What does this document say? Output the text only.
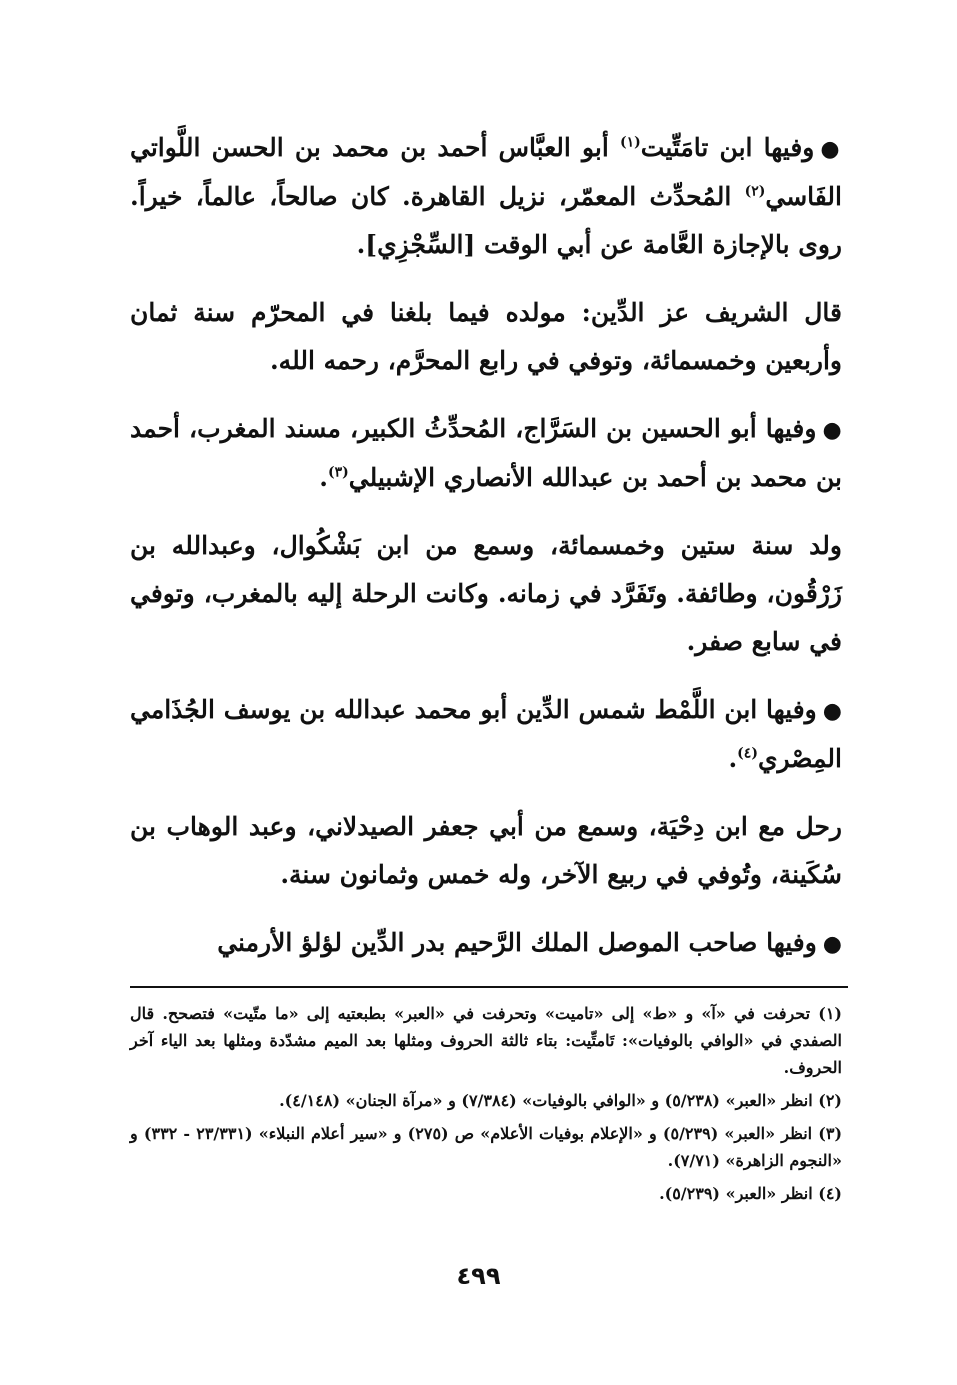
●وفيها ابن تامَتِّيت$^{(١)}$ أبو العبَّاس أحمد بن محمد بن الحسن اللَّواتي الفَاسي$^{(٢)}$ المُحدِّث المعمّر، نزيل القاهرة. كان صالحاً، عالماً، خيراً. روى بالإجازة العَّامة عن أبي الوقت [السِّجْزِي].

قال الشريف عز الدِّين: مولده فيما بلغنا في المحرّم سنة ثمان وأربعين وخمسمائة، وتوفي في رابع المحرَّم، رحمه الله.

●وفيها أبو الحسين بن السَرَّاج، المُحدِّثُ الكبير، مسند المغرب، أحمد بن محمد بن أحمد بن عبدالله الأنصاري الإشبيلي$^{(٣)}$.

ولد سنة ستين وخمسمائة، وسمع من ابن بَشْكُوال، وعبدالله بن زَرْقُون، وطائفة. وتَفَرَّد في زمانه. وكانت الرحلة إليه بالمغرب، وتوفي في سابع صفر.

●وفيها ابن اللَّمْط شمس الدِّين أبو محمد عبدالله بن يوسف الجُذَامي المِصْري$^{(٤)}$.

رحل مع ابن دِحْيَة، وسمع من أبي جعفر الصيدلاني، وعبد الوهاب بن سُكَينة، وتُوفي في ربيع الآخر، وله خمس وثمانون سنة.

●وفيها صاحب الموصل الملك الرَّحيم بدر الدِّين لؤلؤ الأرمني

(١) تحرفت في «آ» و «ط» إلى «تاميت» وتحرفت في «العبر» بطبعتيه إلى «ما متّيت» فتصحح. قال الصفدي في «الوافي بالوفيات»: تَامتِّيت: بتاء ثالثة الحروف ومثلها بعد الميم مشدّدة ومثلها بعد الياء آخر الحروف.

(٢) انظر «العبر» (٥/٢٣٨) و «الوافي بالوفيات» (٧/٣٨٤) و «مرآة الجنان» (٤/١٤٨).

(٣) انظر «العبر» (٥/٢٣٩) و «الإعلام بوفيات الأعلام» ص (٢٧٥) و «سير أعلام النبلاء» (٢٣/٣٣١ - ٣٣٢) و «النجوم الزاهرة» (٧/٧١).

(٤) انظر «العبر» (٥/٢٣٩).

٤٩٩
